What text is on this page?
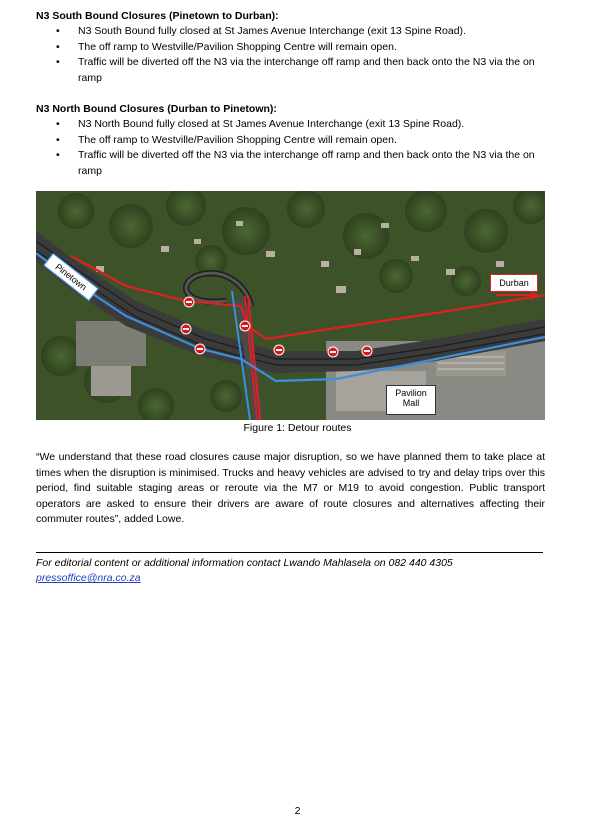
N3 South Bound Closures (Pinetown to Durban):
• N3 South Bound fully closed at St James Avenue Interchange (exit 13 Spine Road).
• The off ramp to Westville/Pavilion Shopping Centre will remain open.
• Traffic will be diverted off the N3 via the interchange off ramp and then back onto the N3 via the on ramp
N3 North Bound Closures (Durban to Pinetown):
• N3 North Bound fully closed at St James Avenue Interchange (exit 13 Spine Road).
• The off ramp to Westville/Pavilion Shopping Centre will remain open.
• Traffic will be diverted off the N3 via the interchange off ramp and then back onto the N3 via the on ramp
Pinetown	Durban
Pavilion
Mall
Figure 1: Detour routes
“We understand that these road closures cause major disruption, so we have planned them to take place at times when the disruption is minimised. Trucks and heavy vehicles are advised to try and delay trips over this period, find suitable staging areas or reroute via the M7 or M19 to avoid congestion. Public transport operators are asked to ensure their drivers are aware of route closures and alternatives affecting their commuter routes”, added Lowe.
For editorial content or additional information contact Lwando Mahlasela on 082 440 4305
pressoffice@nra.co.za
2
